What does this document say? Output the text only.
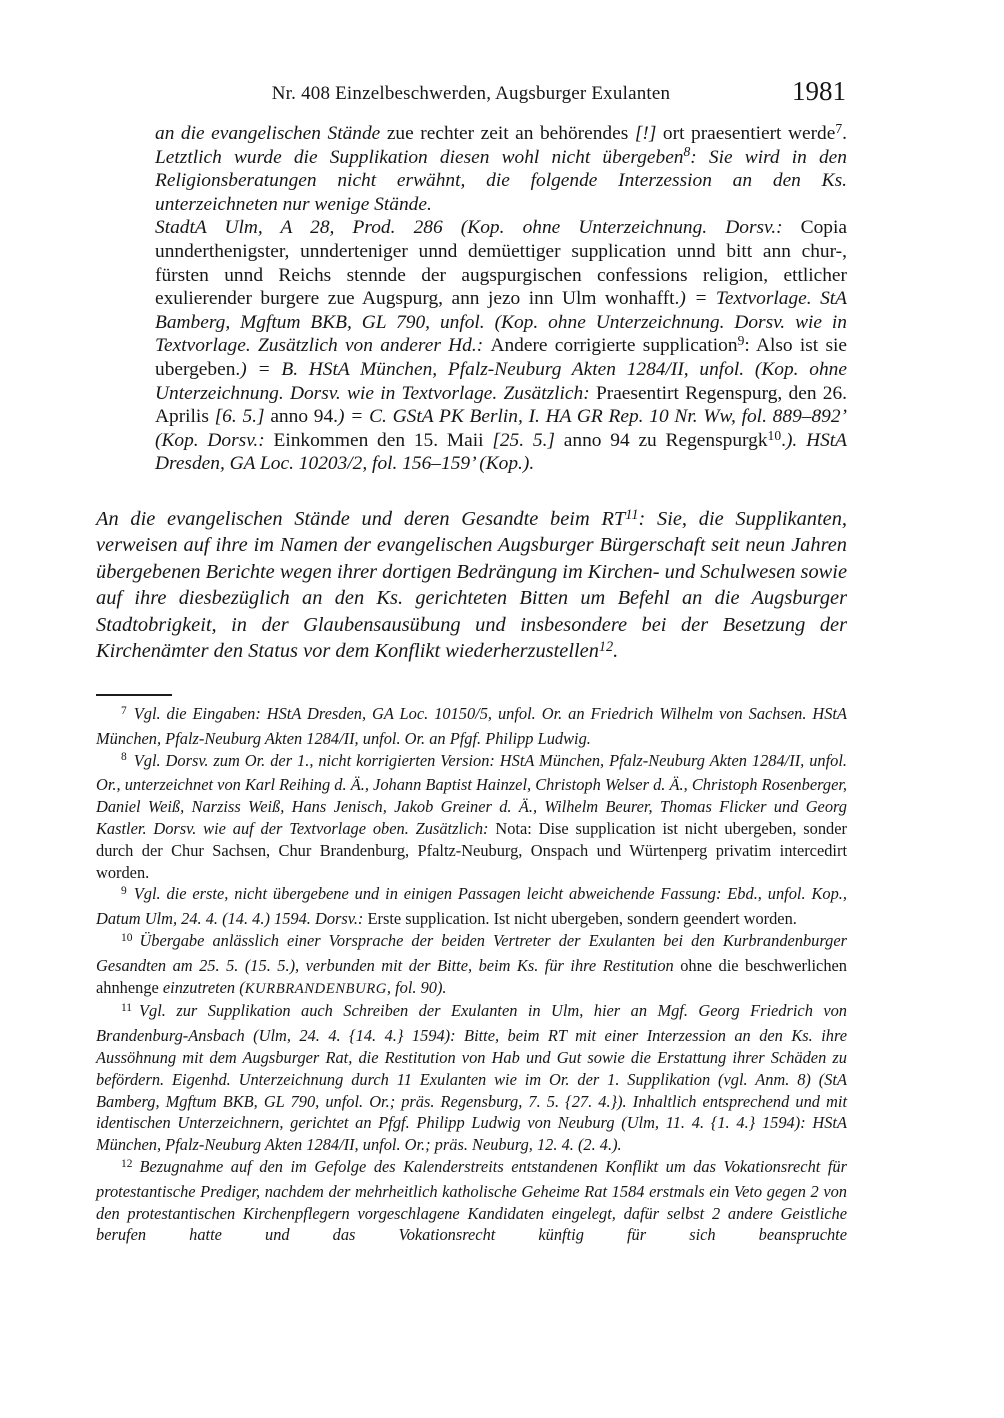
Nr. 408 Einzelbeschwerden, Augsburger Exulanten	1981

an die evangelischen Stände zue rechter zeit an behörendes [!] ort praesentiert werde$^7$. Letztlich wurde die Supplikation diesen wohl nicht übergeben$^8$: Sie wird in den Religionsberatungen nicht erwähnt, die folgende Interzession an den Ks. unterzeichneten nur wenige Stände.

StadtA Ulm, A 28, Prod. 286 (Kop. ohne Unterzeichnung. Dorsv.: Copia unnderthenigster, unnderteniger unnd demüettiger supplication unnd bitt ann chur-, fürsten unnd Reichs stennde der augspurgischen confessions religion, ettlicher exulierender burgere zue Augspurg, ann jezo inn Ulm wonhafft.) = Textvorlage. StA Bamberg, Mgftum BKB, GL 790, unfol. (Kop. ohne Unterzeichnung. Dorsv. wie in Textvorlage. Zusätzlich von anderer Hd.: Andere corrigierte supplication$^9$: Also ist sie ubergeben.) = B. HStA München, Pfalz-Neuburg Akten 1284/II, unfol. (Kop. ohne Unterzeichnung. Dorsv. wie in Textvorlage. Zusätzlich: Praesentirt Regenspurg, den 26. Aprilis [6. 5.] anno 94.) = C. GStA PK Berlin, I. HA GR Rep. 10 Nr. Ww, fol. 889–892’ (Kop. Dorsv.: Einkommen den 15. Maii [25. 5.] anno 94 zu Regenspurgk$^{10}$.). HStA Dresden, GA Loc. 10203/2, fol. 156–159’ (Kop.).

An die evangelischen Stände und deren Gesandte beim RT$^{11}$: Sie, die Supplikanten, verweisen auf ihre im Namen der evangelischen Augsburger Bürgerschaft seit neun Jahren übergebenen Berichte wegen ihrer dortigen Bedrängung im Kirchen- und Schulwesen sowie auf ihre diesbezüglich an den Ks. gerichteten Bitten um Befehl an die Augsburger Stadtobrigkeit, in der Glaubensausübung und insbesondere bei der Besetzung der Kirchenämter den Status vor dem Konflikt wiederherzustellen$^{12}$.

$^7$ Vgl. die Eingaben: HStA Dresden, GA Loc. 10150/5, unfol. Or. an Friedrich Wilhelm von Sachsen. HStA München, Pfalz-Neuburg Akten 1284/II, unfol. Or. an Pfgf. Philipp Ludwig.

$^8$ Vgl. Dorsv. zum Or. der 1., nicht korrigierten Version: HStA München, Pfalz-Neuburg Akten 1284/II, unfol. Or., unterzeichnet von Karl Reihing d. Ä., Johann Baptist Hainzel, Christoph Welser d. Ä., Christoph Rosenberger, Daniel Weiß, Narziss Weiß, Hans Jenisch, Jakob Greiner d. Ä., Wilhelm Beurer, Thomas Flicker und Georg Kastler. Dorsv. wie auf der Textvorlage oben. Zusätzlich: Nota: Dise supplication ist nicht ubergeben, sonder durch der Chur Sachsen, Chur Brandenburg, Pfaltz-Neuburg, Onspach und Würtenperg privatim intercedirt worden.

$^9$ Vgl. die erste, nicht übergebene und in einigen Passagen leicht abweichende Fassung: Ebd., unfol. Kop., Datum Ulm, 24. 4. (14. 4.) 1594. Dorsv.: Erste supplication. Ist nicht ubergeben, sondern geendert worden.

$^{10}$ Übergabe anlässlich einer Vorsprache der beiden Vertreter der Exulanten bei den Kurbrandenburger Gesandten am 25. 5. (15. 5.), verbunden mit der Bitte, beim Ks. für ihre Restitution ohne die beschwerlichen ahnhenge einzutreten (KURBRANDENBURG, fol. 90).

$^{11}$ Vgl. zur Supplikation auch Schreiben der Exulanten in Ulm, hier an Mgf. Georg Friedrich von Brandenburg-Ansbach (Ulm, 24. 4. {14. 4.} 1594): Bitte, beim RT mit einer Interzession an den Ks. ihre Aussöhnung mit dem Augsburger Rat, die Restitution von Hab und Gut sowie die Erstattung ihrer Schäden zu befördern. Eigenhd. Unterzeichnung durch 11 Exulanten wie im Or. der 1. Supplikation (vgl. Anm. 8) (StA Bamberg, Mgftum BKB, GL 790, unfol. Or.; präs. Regensburg, 7. 5. {27. 4.}). Inhaltlich entsprechend und mit identischen Unterzeichnern, gerichtet an Pfgf. Philipp Ludwig von Neuburg (Ulm, 11. 4. {1. 4.} 1594): HStA München, Pfalz-Neuburg Akten 1284/II, unfol. Or.; präs. Neuburg, 12. 4. (2. 4.).

$^{12}$ Bezugnahme auf den im Gefolge des Kalenderstreits entstandenen Konflikt um das Vokationsrecht für protestantische Prediger, nachdem der mehrheitlich katholische Geheime Rat 1584 erstmals ein Veto gegen 2 von den protestantischen Kirchenpflegern vorgeschlagene Kandidaten eingelegt, dafür selbst 2 andere Geistliche berufen hatte und das Vokationsrecht künftig für sich beanspruchte
